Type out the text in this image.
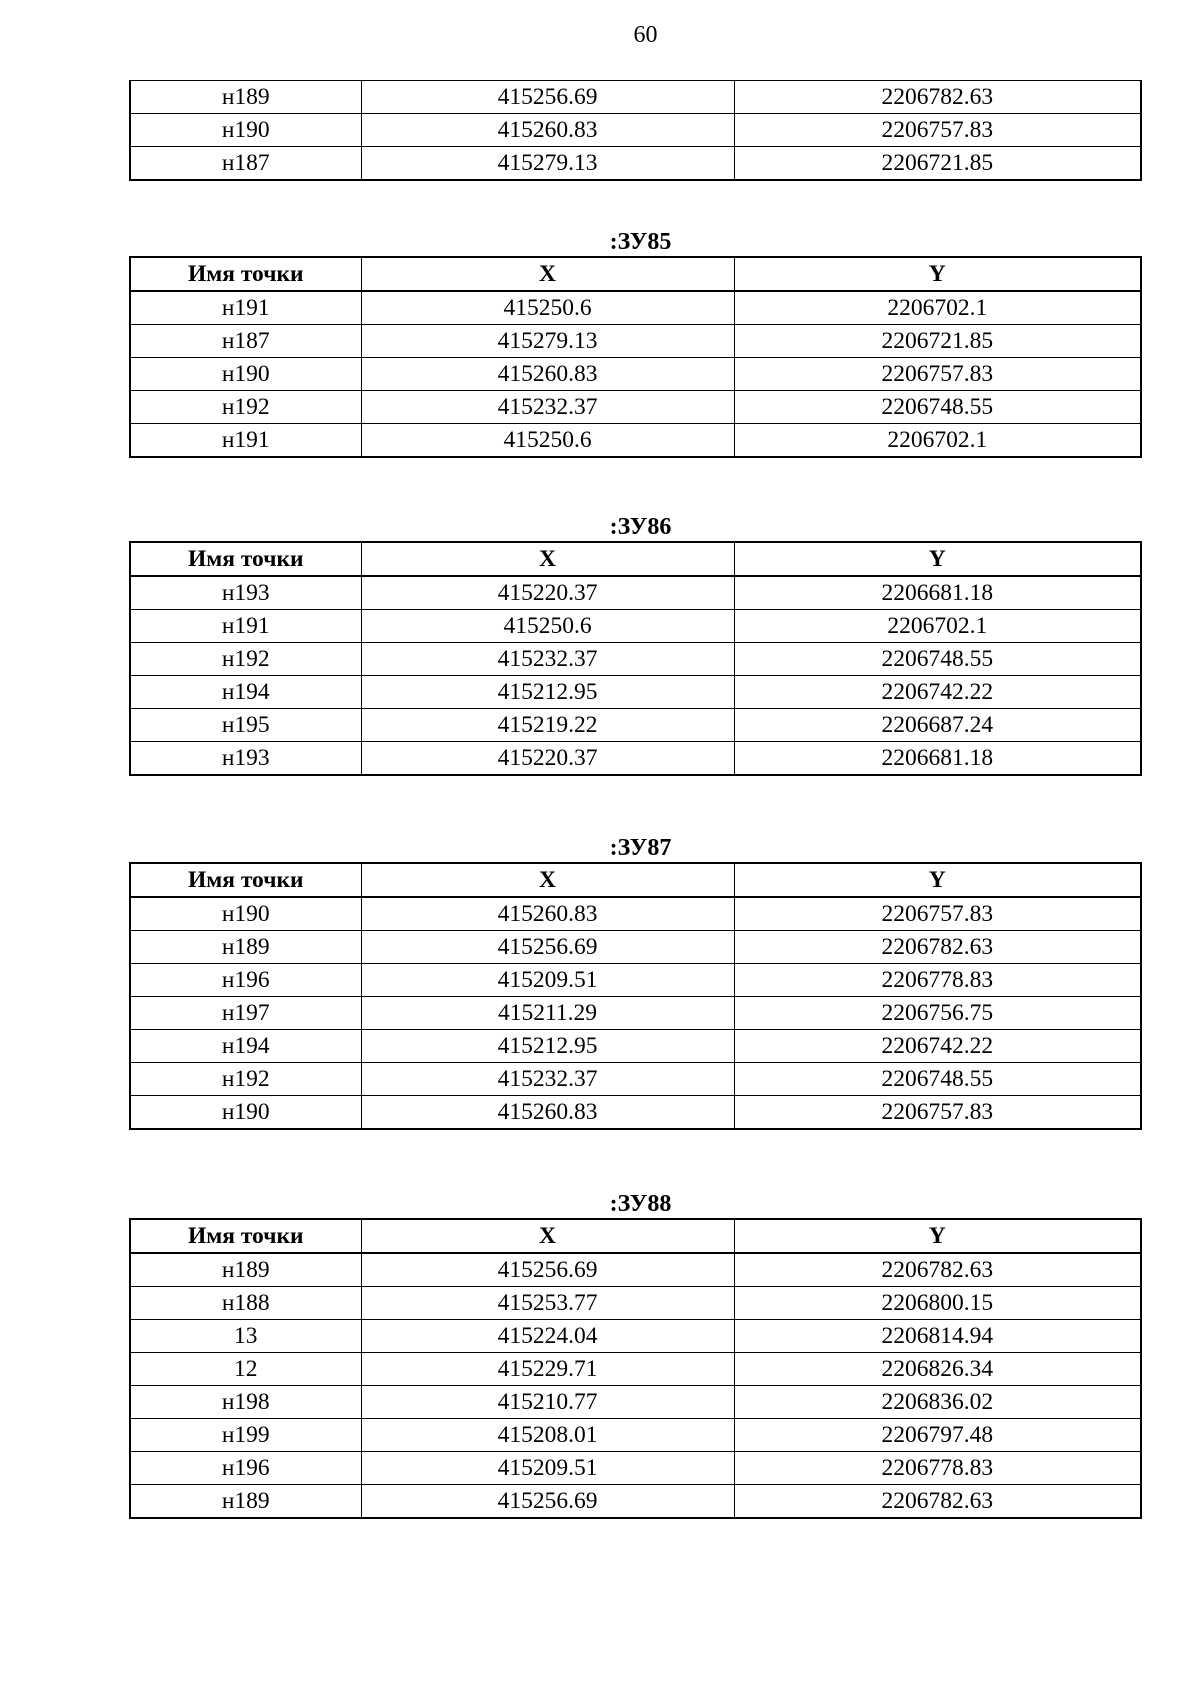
60
н189	415256.69	2206782.63
н190	415260.83	2206757.83
н187	415279.13	2206721.85
:ЗУ85
Имя точки	X	Y
н191	415250.6	2206702.1
н187	415279.13	2206721.85
н190	415260.83	2206757.83
н192	415232.37	2206748.55
н191	415250.6	2206702.1
:ЗУ86
Имя точки	X	Y
н193	415220.37	2206681.18
н191	415250.6	2206702.1
н192	415232.37	2206748.55
н194	415212.95	2206742.22
н195	415219.22	2206687.24
н193	415220.37	2206681.18
:ЗУ87
Имя точки	X	Y
н190	415260.83	2206757.83
н189	415256.69	2206782.63
н196	415209.51	2206778.83
н197	415211.29	2206756.75
н194	415212.95	2206742.22
н192	415232.37	2206748.55
н190	415260.83	2206757.83
:ЗУ88
Имя точки	X	Y
н189	415256.69	2206782.63
н188	415253.77	2206800.15
13	415224.04	2206814.94
12	415229.71	2206826.34
н198	415210.77	2206836.02
н199	415208.01	2206797.48
н196	415209.51	2206778.83
н189	415256.69	2206782.63
